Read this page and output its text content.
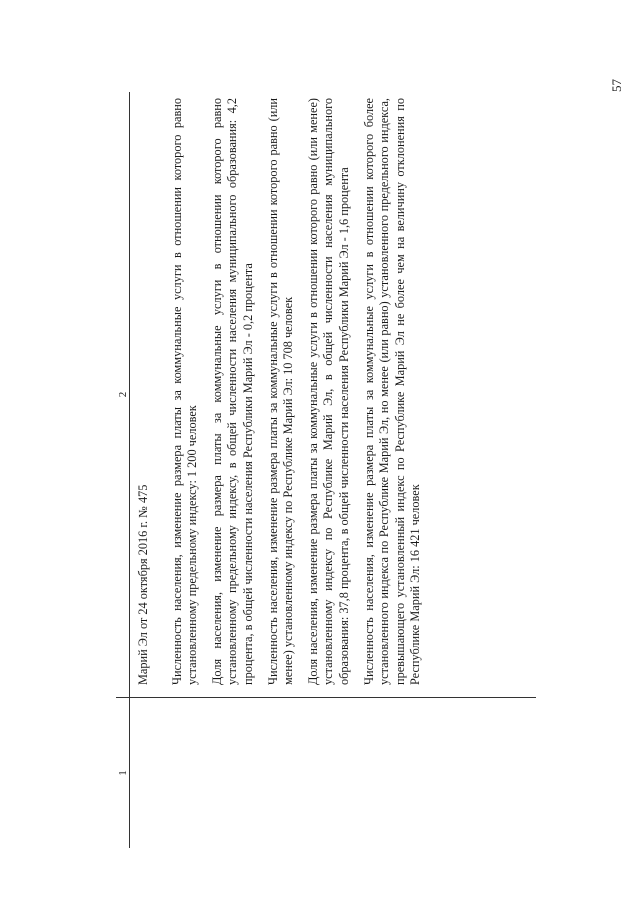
57
1
2

Марий Эл от 24 октября 2016 г. № 475 Численность населения, изменение размера платы за коммунальные услуги в отношении которого равно установленному предельному индексу: 1 200 человек Доля населения, изменение размера платы за коммунальные услуги в отношении которого равно установленному предельному индексу, в общей численности населения муниципального образования: 4,2 процента, в общей численности населения Республики Марий Эл - 0,2 процента Численность населения, изменение размера платы за коммунальные услуги в отношении которого равно (или менее) установленному индексу по Республике Марий Эл: 10 708 человек Доля населения, изменение размера платы за коммунальные услуги в отношении которого равно (или менее) установленному индексу по Республике Марий Эл, в общей численности населения муниципального образования: 37,8 процента, в общей численности населения Республики Марий Эл - 1,6 процента Численность населения, изменение размера платы за коммунальные услуги в отношении которого более установленного индекса по Республике Марий Эл, но менее (или равно) установленного предельного индекса, превышающего установленный индекс по Республике Марий Эл не более чем на величину отклонения по Республике Марий Эл: 16 421 человек
